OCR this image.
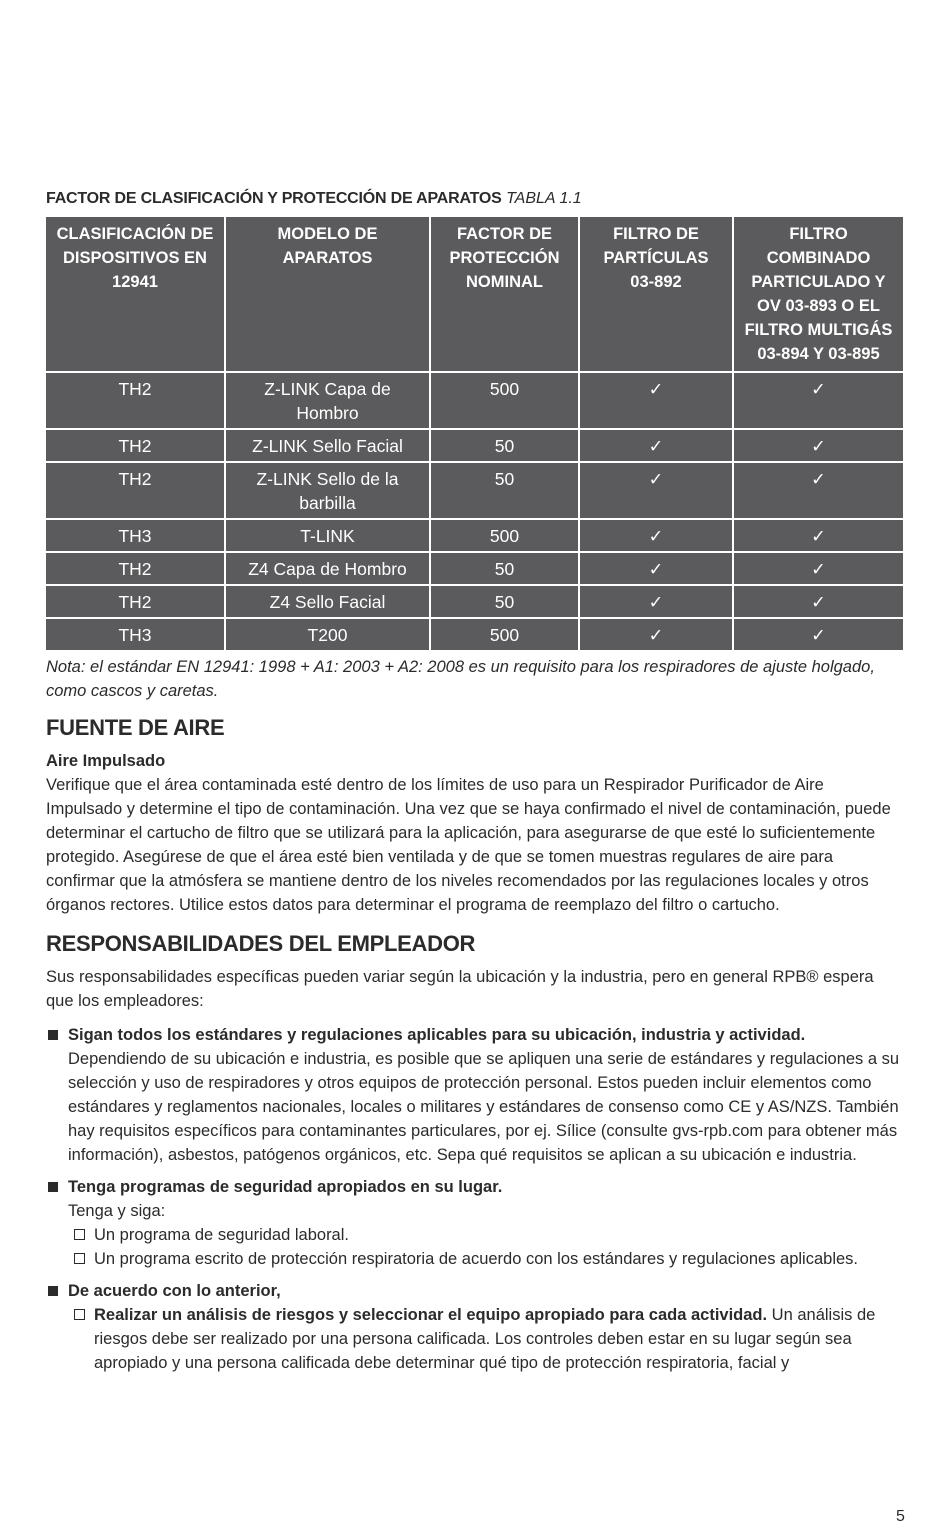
FACTOR DE CLASIFICACIÓN Y PROTECCIÓN DE APARATOS TABLA 1.1
CLASIFICACIÓN DE DISPOSITIVOS EN 12941	MODELO DE APARATOS	FACTOR DE PROTECCIÓN NOMINAL	FILTRO DE PARTÍCULAS 03-892	FILTRO COMBINADO PARTICULADO Y OV 03-893 O EL FILTRO MULTIGÁS 03-894 Y 03-895
TH2	Z-LINK Capa de Hombro	500	✓	✓
TH2	Z-LINK Sello Facial	50	✓	✓
TH2	Z-LINK Sello de la barbilla	50	✓	✓
TH3	T-LINK	500	✓	✓
TH2	Z4 Capa de Hombro	50	✓	✓
TH2	Z4 Sello Facial	50	✓	✓
TH3	T200	500	✓	✓

Nota: el estándar EN 12941: 1998 + A1: 2003 + A2: 2008 es un requisito para los respiradores de ajuste holgado, como cascos y caretas.

FUENTE DE AIRE
Aire Impulsado

Verifique que el área contaminada esté dentro de los límites de uso para un Respirador Purificador de Aire Impulsado y determine el tipo de contaminación. Una vez que se haya confirmado el nivel de contaminación, puede determinar el cartucho de filtro que se utilizará para la aplicación, para asegurarse de que esté lo suficientemente protegido. Asegúrese de que el área esté bien ventilada y de que se tomen muestras regulares de aire para confirmar que la atmósfera se mantiene dentro de los niveles recomendados por las regulaciones locales y otros órganos rectores. Utilice estos datos para determinar el programa de reemplazo del filtro o cartucho.

RESPONSABILIDADES DEL EMPLEADOR

Sus responsabilidades específicas pueden variar según la ubicación y la industria, pero en general RPB® espera que los empleadores:

Sigan todos los estándares y regulaciones aplicables para su ubicación, industria y actividad.
Dependiendo de su ubicación e industria, es posible que se apliquen una serie de estándares y regulaciones a su selección y uso de respiradores y otros equipos de protección personal. Estos pueden incluir elementos como estándares y reglamentos nacionales, locales o militares y estándares de consenso como CE y AS/NZS. También hay requisitos específicos para contaminantes particulares, por ej. Sílice (consulte gvs-rpb.com para obtener más información), asbestos, patógenos orgánicos, etc. Sepa qué requisitos se aplican a su ubicación e industria.
Tenga programas de seguridad apropiados en su lugar.
Tenga y siga:
Un programa de seguridad laboral.
Un programa escrito de protección respiratoria de acuerdo con los estándares y regulaciones aplicables.
De acuerdo con lo anterior,
Realizar un análisis de riesgos y seleccionar el equipo apropiado para cada actividad. Un análisis de riesgos debe ser realizado por una persona calificada. Los controles deben estar en su lugar según sea apropiado y una persona calificada debe determinar qué tipo de protección respiratoria, facial y
5
